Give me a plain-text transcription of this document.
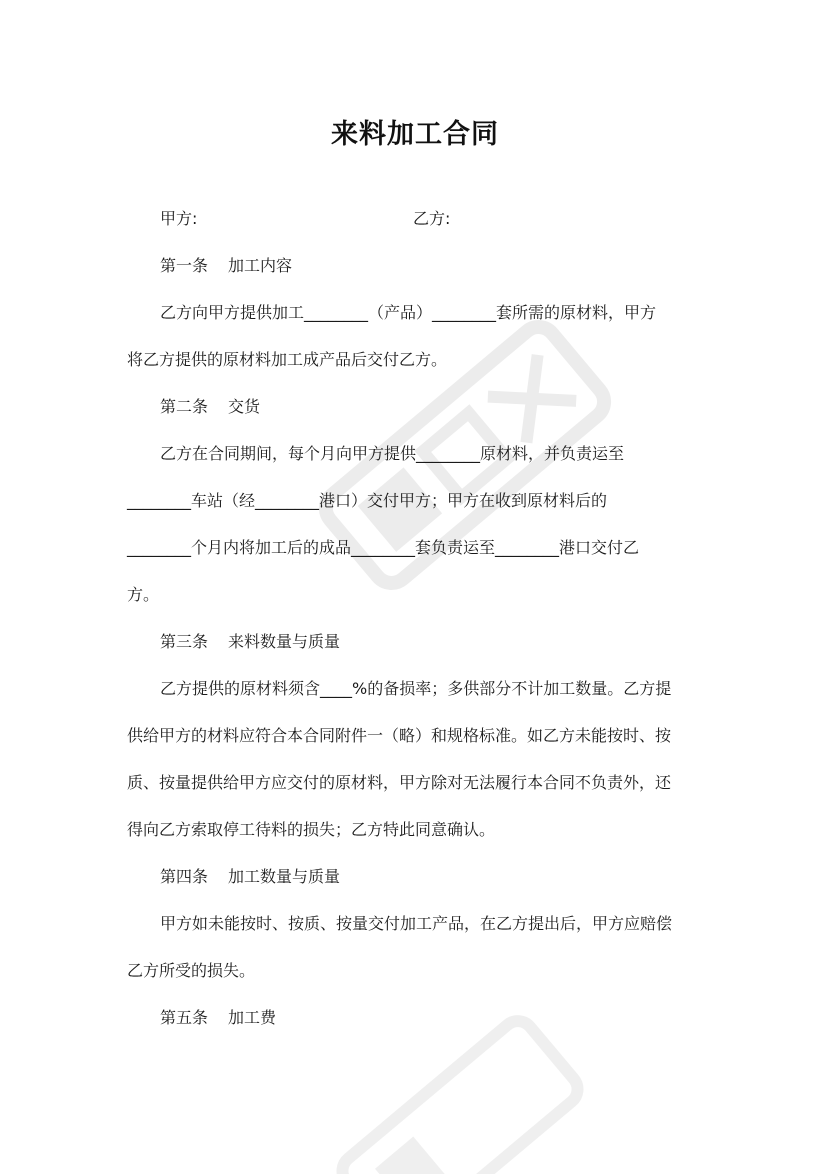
来料加工合同
甲方:	乙方:
第一条 加工内容

乙方向甲方提供加工________（产品）________套所需的原材料，甲方

将乙方提供的原材料加工成产品后交付乙方。

第二条 交货

乙方在合同期间，每个月向甲方提供________原材料，并负责运至

________车站（经________港口）交付甲方；甲方在收到原材料后的

________个月内将加工后的成品________套负责运至________港口交付乙

方。

第三条 来料数量与质量

乙方提供的原材料须含____%的备损率；多供部分不计加工数量。乙方提

供给甲方的材料应符合本合同附件一（略）和规格标准。如乙方未能按时、按

质、按量提供给甲方应交付的原材料，甲方除对无法履行本合同不负责外，还

得向乙方索取停工待料的损失；乙方特此同意确认。

第四条 加工数量与质量

甲方如未能按时、按质、按量交付加工产品，在乙方提出后，甲方应赔偿

乙方所受的损失。

第五条 加工费
